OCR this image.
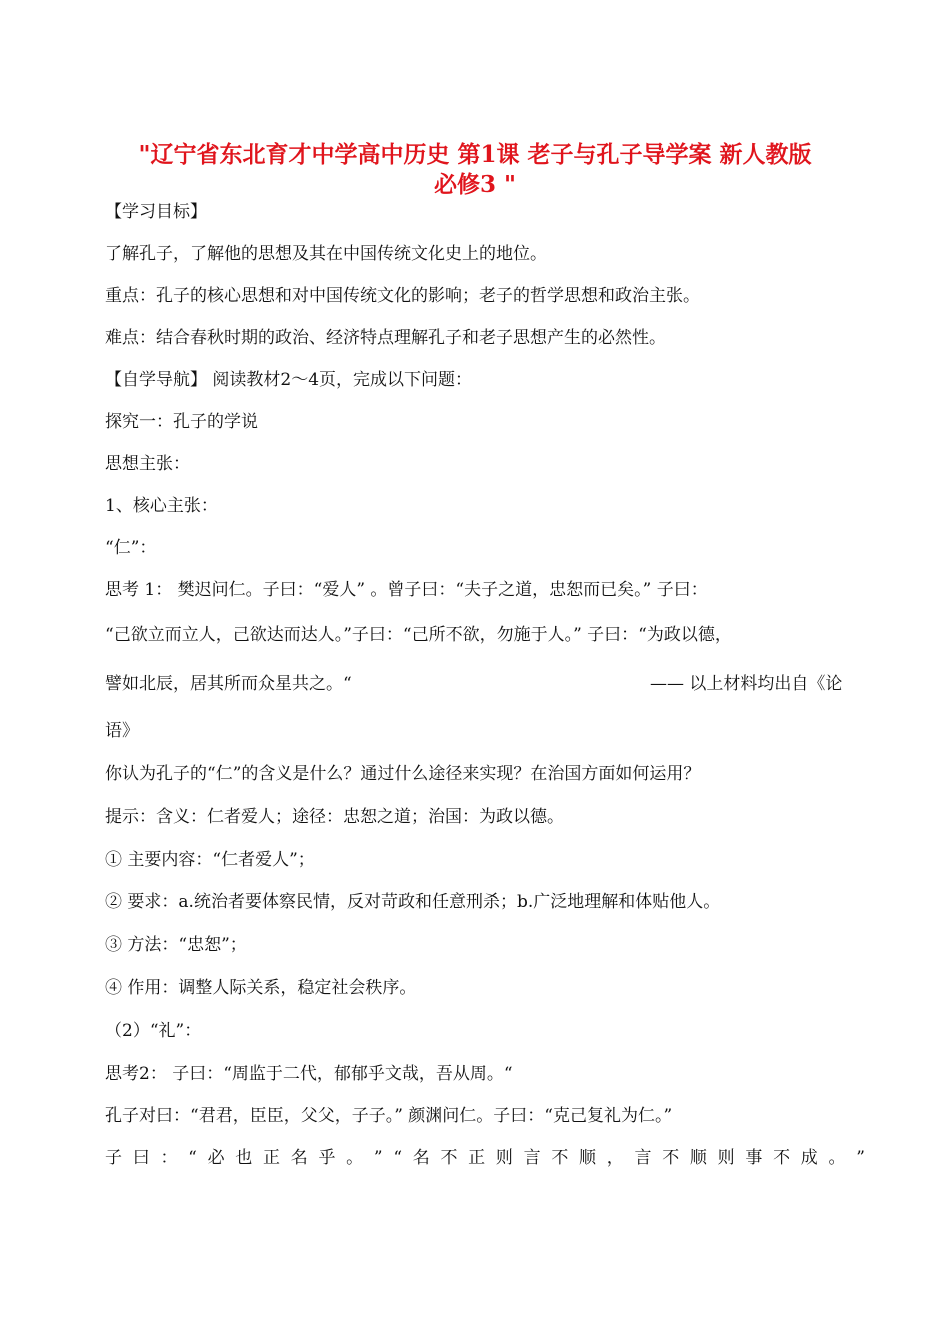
"辽宁省东北育才中学高中历史 第1课 老子与孔子导学案 新人教版
必修3 "
【学习目标】
了解孔子，了解他的思想及其在中国传统文化史上的地位。
重点：孔子的核心思想和对中国传统文化的影响；老子的哲学思想和政治主张。
难点：结合春秋时期的政治、经济特点理解孔子和老子思想产生的必然性。
【自学导航】 阅读教材2～4页，完成以下问题：
探究一：孔子的学说
思想主张：
1、核心主张：
“仁”：
思考 1： 樊迟问仁。子曰：“爱人” 。曾子曰：“夫子之道，忠恕而已矣。” 子曰：
“己欲立而立人，己欲达而达人。”子曰：“己所不欲，勿施于人。” 子曰：“为政以德，
譬如北辰，居其所而众星共之。“	—— 以上材料均出自《论
语》
你认为孔子的“仁”的含义是什么？通过什么途径来实现？在治国方面如何运用？
提示：含义：仁者爱人；途径：忠恕之道；治国：为政以德。
① 主要内容：“仁者爱人”；
② 要求：a.统治者要体察民情，反对苛政和任意刑杀；b.广泛地理解和体贴他人。
③ 方法：“忠恕”；
④ 作用：调整人际关系，稳定社会秩序。
（2）“礼”：
思考2： 子曰：“周监于二代，郁郁乎文哉，吾从周。“
孔子对曰：“君君，臣臣，父父，子子。” 颜渊问仁。子曰：“克己复礼为仁。”
子 曰 ： “ 必 也 正 名 乎 。 ” “ 名 不 正 则 言 不 顺 ， 言 不 顺 则 事 不 成 。 ”
